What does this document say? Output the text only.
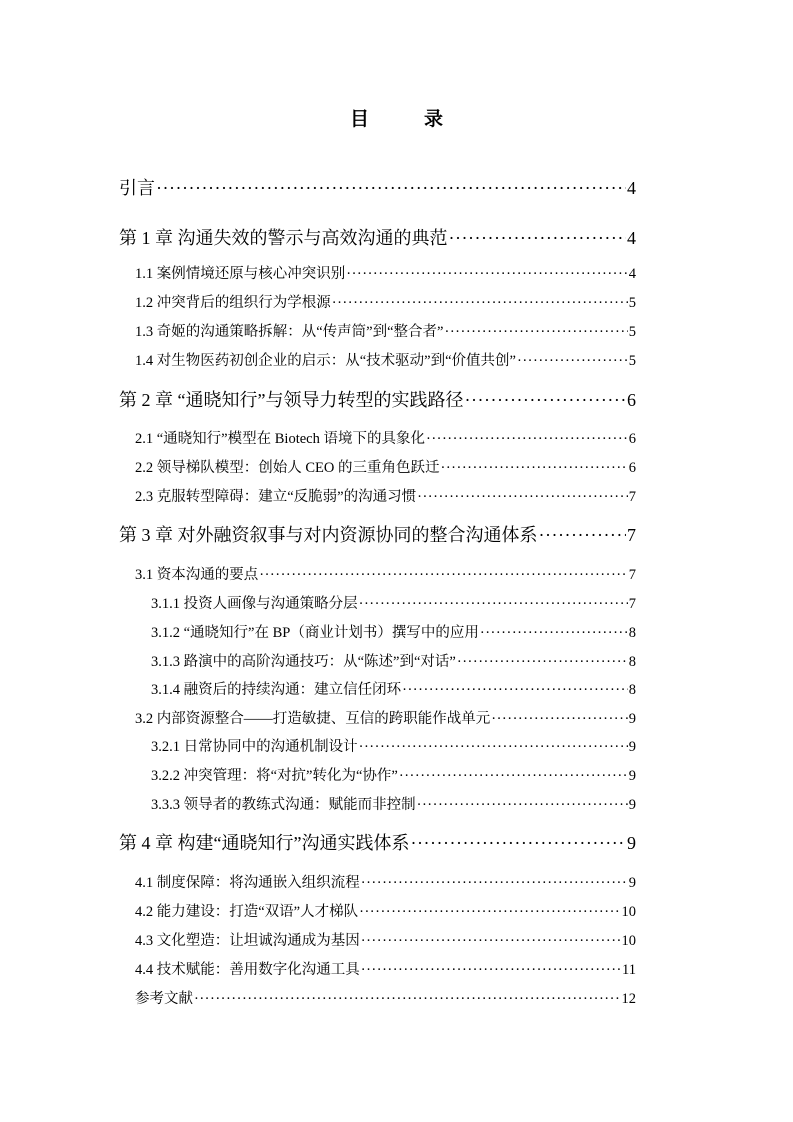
目　录
引言 ·····	4
第 1 章 沟通失效的警示与高效沟通的典范 ·····	4
1.1 案例情境还原与核心冲突识别 ·····	4
1.2 冲突背后的组织行为学根源 ·····	5
1.3 奇姬的沟通策略拆解：从“传声筒”到“整合者” ·····	5
1.4 对生物医药初创企业的启示：从“技术驱动”到“价值共创” ·····	5
第 2 章 “通晓知行”与领导力转型的实践路径 ·····	6
2.1 “通晓知行”模型在 Biotech 语境下的具象化 ·····	6
2.2 领导梯队模型：创始人 CEO 的三重角色跃迁 ·····	6
2.3 克服转型障碍：建立“反脆弱”的沟通习惯 ·····	7
第 3 章 对外融资叙事与对内资源协同的整合沟通体系 ·····	7
3.1 资本沟通的要点 ·····	7
3.1.1 投资人画像与沟通策略分层 ·····	7
3.1.2 “通晓知行”在 BP（商业计划书）撰写中的应用 ·····	8
3.1.3 路演中的高阶沟通技巧：从“陈述”到“对话” ·····	8
3.1.4 融资后的持续沟通：建立信任闭环 ·····	8
3.2 内部资源整合——打造敏捷、互信的跨职能作战单元 ·····	9
3.2.1 日常协同中的沟通机制设计 ·····	9
3.2.2 冲突管理：将“对抗”转化为“协作” ·····	9
3.3.3 领导者的教练式沟通：赋能而非控制 ·····	9
第 4 章 构建“通晓知行”沟通实践体系 ·····	9
4.1 制度保障：将沟通嵌入组织流程 ·····	9
4.2 能力建设：打造“双语”人才梯队 ·····	10
4.3 文化塑造：让坦诚沟通成为基因 ·····	10
4.4 技术赋能：善用数字化沟通工具 ·····	11
参考文献 ·····	12
